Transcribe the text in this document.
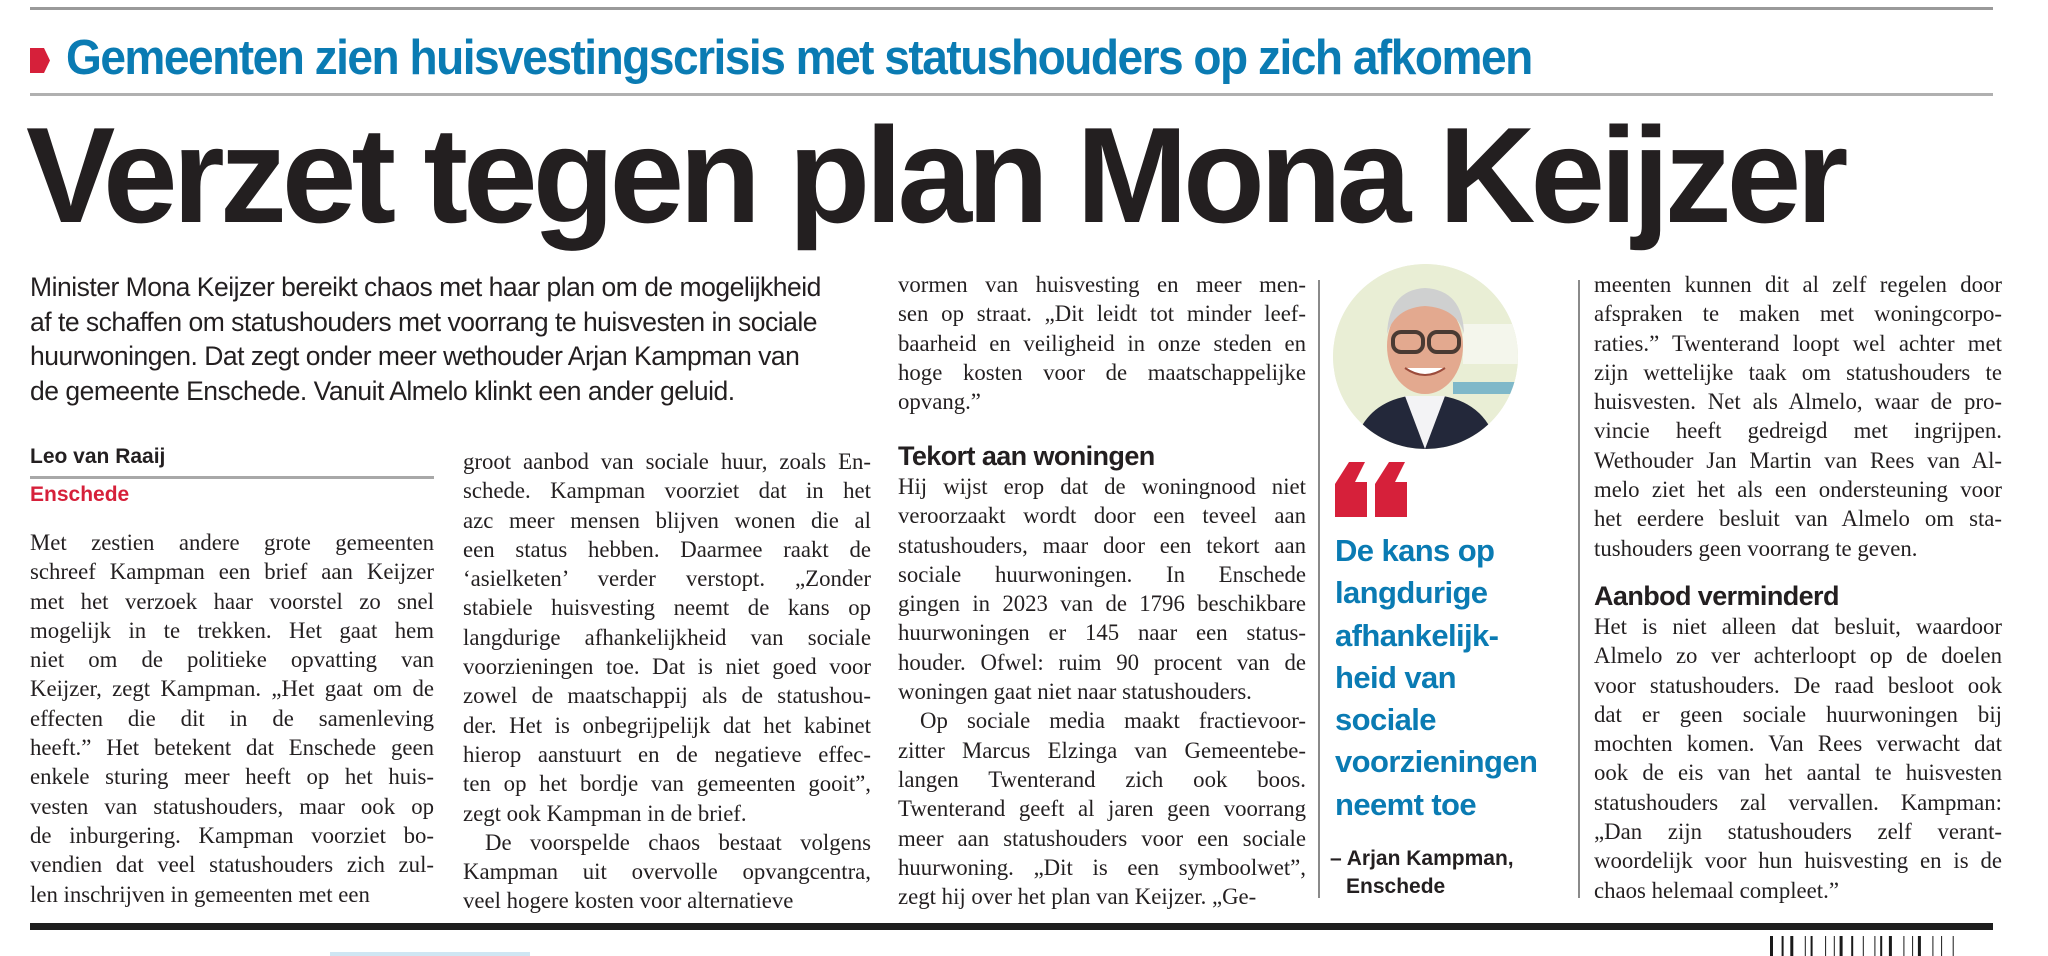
Gemeenten zien huisvestingscrisis met statushouders op zich afkomen
Verzet tegen plan Mona Keijzer
Minister Mona Keijzer bereikt chaos met haar plan om de mogelijkheid
af te schaffen om statushouders met voorrang te huisvesten in sociale
huurwoningen. Dat zegt onder meer wethouder Arjan Kampman van
de gemeente Enschede. Vanuit Almelo klinkt een ander geluid.
Leo van Raaij
Enschede
Met zestien andere grote gemeenten
schreef Kampman een brief aan Keijzer
met het verzoek haar voorstel zo snel
mogelijk in te trekken. Het gaat hem
niet om de politieke opvatting van
Keijzer, zegt Kampman. „Het gaat om de
effecten die dit in de samenleving
heeft.” Het betekent dat Enschede geen
enkele sturing meer heeft op het huis-
vesten van statushouders, maar ook op
de inburgering. Kampman voorziet bo-
vendien dat veel statushouders zich zul-
len inschrijven in gemeenten met een
groot aanbod van sociale huur, zoals En-
schede. Kampman voorziet dat in het
azc meer mensen blijven wonen die al
een status hebben. Daarmee raakt de
‘asielketen’ verder verstopt. „Zonder
stabiele huisvesting neemt de kans op
langdurige afhankelijkheid van sociale
voorzieningen toe. Dat is niet goed voor
zowel de maatschappij als de statushou-
der. Het is onbegrijpelijk dat het kabinet
hierop aanstuurt en de negatieve effec-
ten op het bordje van gemeenten gooit”,
zegt ook Kampman in de brief.
De voorspelde chaos bestaat volgens
Kampman uit overvolle opvangcentra,
veel hogere kosten voor alternatieve
vormen van huisvesting en meer men-
sen op straat. „Dit leidt tot minder leef-
baarheid en veiligheid in onze steden en
hoge kosten voor de maatschappelijke
opvang.”
Tekort aan woningen
Hij wijst erop dat de woningnood niet
veroorzaakt wordt door een teveel aan
statushouders, maar door een tekort aan
sociale huurwoningen. In Enschede
gingen in 2023 van de 1796 beschikbare
huurwoningen er 145 naar een status-
houder. Ofwel: ruim 90 procent van de
woningen gaat niet naar statushouders.
Op sociale media maakt fractievoor-
zitter Marcus Elzinga van Gemeentebe-
langen Twenterand zich ook boos.
Twenterand geeft al jaren geen voorrang
meer aan statushouders voor een sociale
huurwoning. „Dit is een symboolwet”,
zegt hij over het plan van Keijzer. „Ge-
De kans op
langdurige
afhankelijk-
heid van
sociale
voorzieningen
neemt toe
– Arjan Kampman,
Enschede
meenten kunnen dit al zelf regelen door
afspraken te maken met woningcorpo-
raties.” Twenterand loopt wel achter met
zijn wettelijke taak om statushouders te
huisvesten. Net als Almelo, waar de pro-
vincie heeft gedreigd met ingrijpen.
Wethouder Jan Martin van Rees van Al-
melo ziet het als een ondersteuning voor
het eerdere besluit van Almelo om sta-
tushouders geen voorrang te geven.
Aanbod verminderd
Het is niet alleen dat besluit, waardoor
Almelo zo ver achterloopt op de doelen
voor statushouders. De raad besloot ook
dat er geen sociale huurwoningen bij
mochten komen. Van Rees verwacht dat
ook de eis van het aantal te huisvesten
statushouders zal vervallen. Kampman:
„Dan zijn statushouders zelf verant-
woordelijk voor hun huisvesting en is de
chaos helemaal compleet.”
